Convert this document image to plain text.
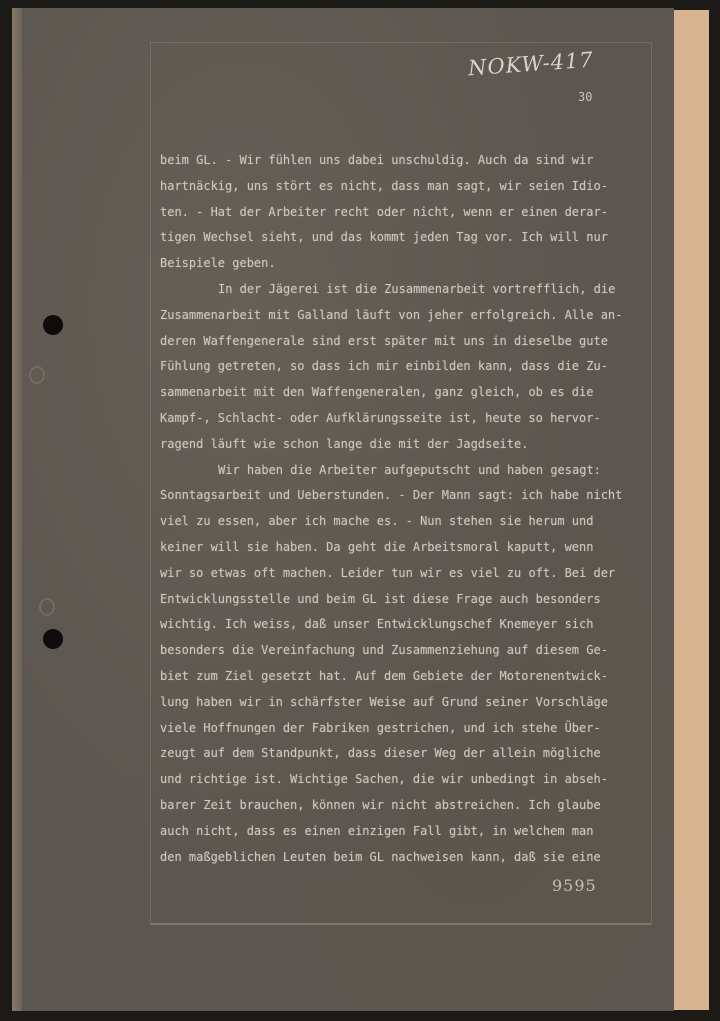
NOKW-417
30
beim GL. - Wir fühlen uns dabei unschuldig. Auch da sind wir
hartnäckig, uns stört es nicht, dass man sagt, wir seien Idio-
ten. - Hat der Arbeiter recht oder nicht, wenn er einen derar-
tigen Wechsel sieht, und das kommt jeden Tag vor. Ich will nur
Beispiele geben.
In der Jägerei ist die Zusammenarbeit vortrefflich, die
Zusammenarbeit mit Galland läuft von jeher erfolgreich. Alle an-
deren Waffengenerale sind erst später mit uns in dieselbe gute
Fühlung getreten, so dass ich mir einbilden kann, dass die Zu-
sammenarbeit mit den Waffengeneralen, ganz gleich, ob es die
Kampf-, Schlacht- oder Aufklärungsseite ist, heute so hervor-
ragend läuft wie schon lange die mit der Jagdseite.
Wir haben die Arbeiter aufgeputscht und haben gesagt:
Sonntagsarbeit und Ueberstunden. - Der Mann sagt: ich habe nicht
viel zu essen, aber ich mache es. - Nun stehen sie herum und
keiner will sie haben. Da geht die Arbeitsmoral kaputt, wenn
wir so etwas oft machen. Leider tun wir es viel zu oft. Bei der
Entwicklungsstelle und beim GL ist diese Frage auch besonders
wichtig. Ich weiss, daß unser Entwicklungschef Knemeyer sich
besonders die Vereinfachung und Zusammenziehung auf diesem Ge-
biet zum Ziel gesetzt hat. Auf dem Gebiete der Motorenentwick-
lung haben wir in schärfster Weise auf Grund seiner Vorschläge
viele Hoffnungen der Fabriken gestrichen, und ich stehe Über-
zeugt auf dem Standpunkt, dass dieser Weg der allein mögliche
und richtige ist. Wichtige Sachen, die wir unbedingt in abseh-
barer Zeit brauchen, können wir nicht abstreichen. Ich glaube
auch nicht, dass es einen einzigen Fall gibt, in welchem man
den maßgeblichen Leuten beim GL nachweisen kann, daß sie eine
9595
